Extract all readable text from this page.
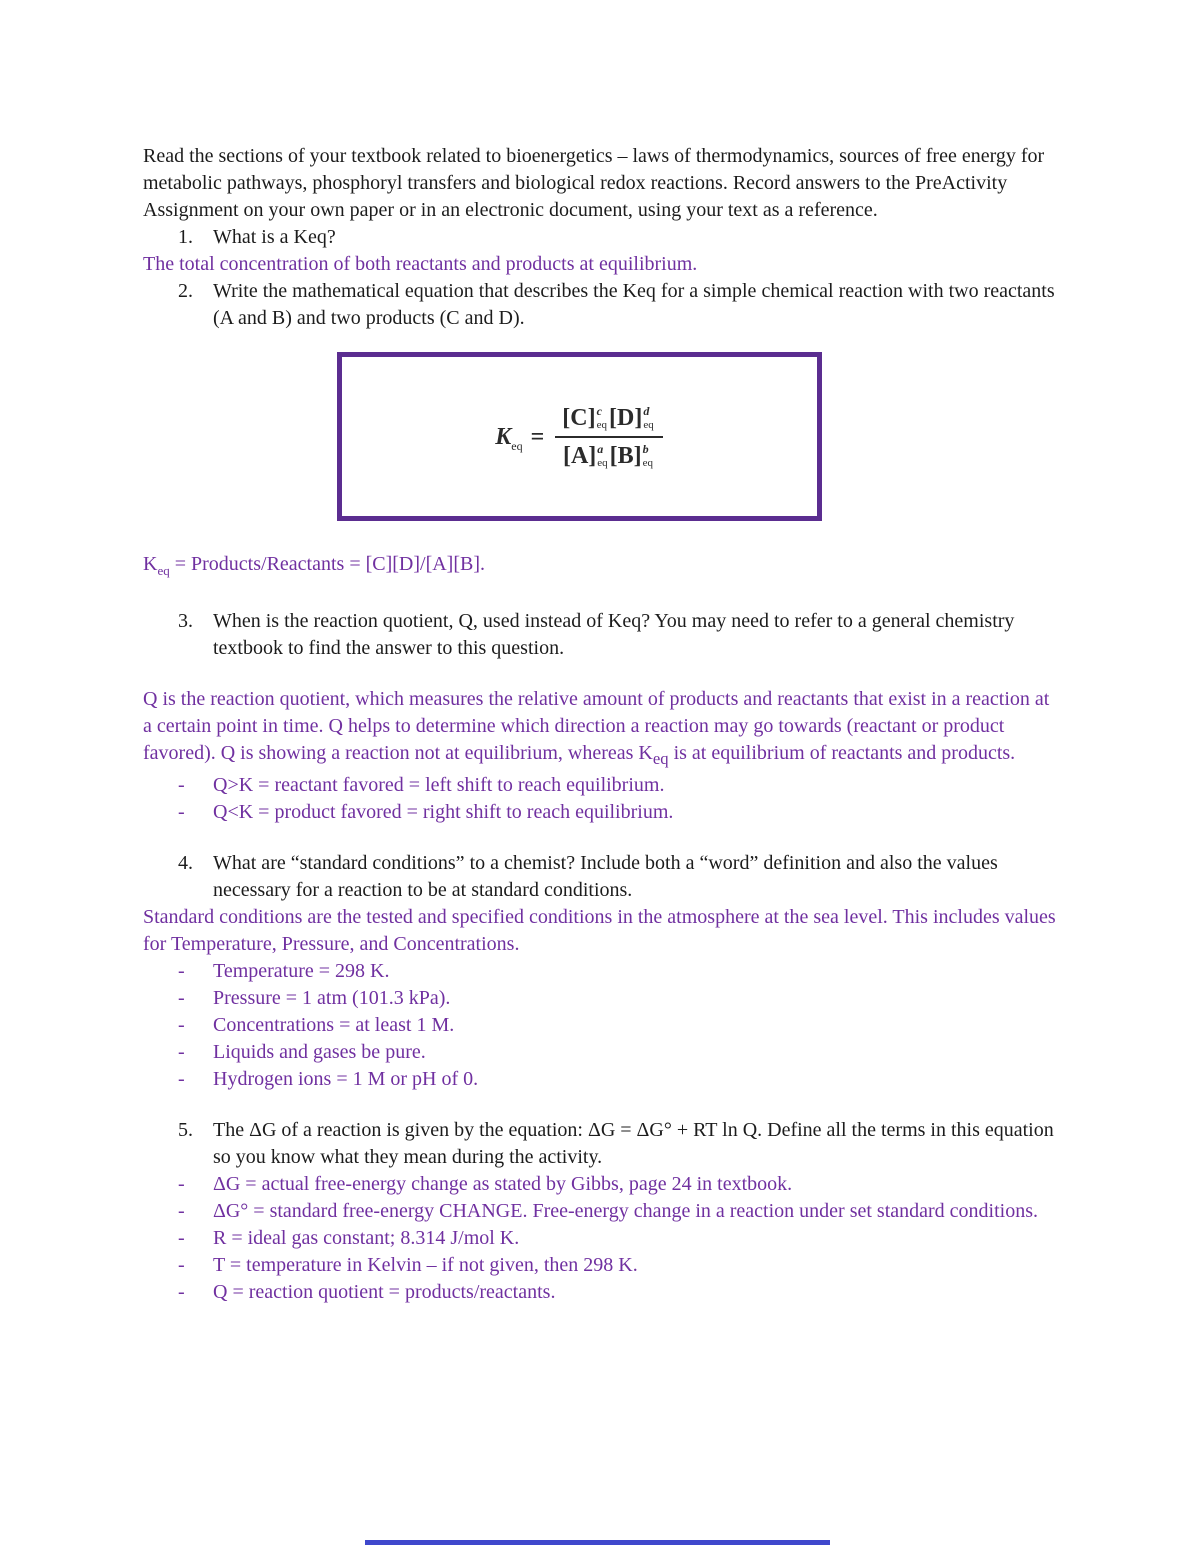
Read the sections of your textbook related to bioenergetics – laws of thermodynamics, sources of free energy for metabolic pathways, phosphoryl transfers and biological redox reactions. Record answers to the PreActivity Assignment on your own paper or in an electronic document, using your text as a reference.

1.	What is a Keq?

The total concentration of both reactants and products at equilibrium.

2.	Write the mathematical equation that describes the Keq for a simple chemical reaction with two reactants (A and B) and two products (C and D).
K eq =
[C] c
eq [D] d
eq
[A] a
eq [B] b
eq

$K_{eq}$ = Products/Reactants = [C][D]/[A][B].

3.	When is the reaction quotient, Q, used instead of Keq? You may need to refer to a general chemistry textbook to find the answer to this question.

Q is the reaction quotient, which measures the relative amount of products and reactants that exist in a reaction at a certain point in time. Q helps to determine which direction a reaction may go towards (reactant or product favored). Q is showing a reaction not at equilibrium, whereas $K_{eq}$ is at equilibrium of reactants and products.

-	Q>K = reactant favored = left shift to reach equilibrium.
-	Q<K = product favored = right shift to reach equilibrium.
4.	What are “standard conditions” to a chemist? Include both a “word” definition and also the values necessary for a reaction to be at standard conditions.

Standard conditions are the tested and specified conditions in the atmosphere at the sea level. This includes values for Temperature, Pressure, and Concentrations.

-	Temperature = 298 K.
-	Pressure = 1 atm (101.3 kPa).
-	Concentrations = at least 1 M.
-	Liquids and gases be pure.
-	Hydrogen ions = 1 M or pH of 0.
5.	The ΔG of a reaction is given by the equation: ΔG = ΔG° + RT ln Q. Define all the terms in this equation so you know what they mean during the activity.
-	ΔG = actual free-energy change as stated by Gibbs, page 24 in textbook.
-	ΔG° = standard free-energy CHANGE. Free-energy change in a reaction under set standard conditions.
-	R = ideal gas constant; 8.314 J/mol K.
-	T = temperature in Kelvin – if not given, then 298 K.
-	Q = reaction quotient = products/reactants.
